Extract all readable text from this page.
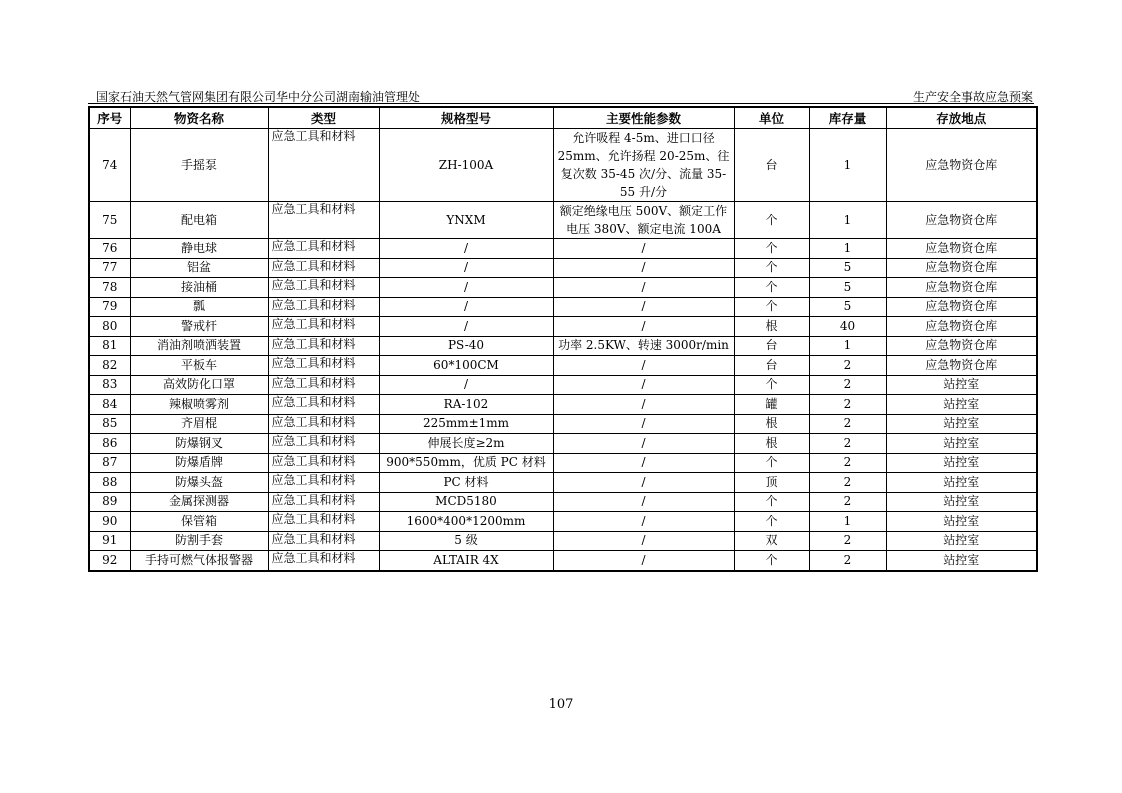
国家石油天然气管网集团有限公司华中分公司湖南输油管理处	生产安全事故应急预案
序号	物资名称	类型	规格型号	主要性能参数	单位	库存量	存放地点
74	手摇泵	应急工具和材料	ZH-100A	允许吸程 4-5m、进口口径 25mm、允许扬程 20-25m、往复次数 35-45 次/分、流量 35-55 升/分	台	1	应急物资仓库
75	配电箱	应急工具和材料	YNXM	额定绝缘电压 500V、额定工作电压 380V、额定电流 100A	个	1	应急物资仓库
76	静电球	应急工具和材料	/	/	个	1	应急物资仓库
77	铝盆	应急工具和材料	/	/	个	5	应急物资仓库
78	接油桶	应急工具和材料	/	/	个	5	应急物资仓库
79	瓢	应急工具和材料	/	/	个	5	应急物资仓库
80	警戒杆	应急工具和材料	/	/	根	40	应急物资仓库
81	消油剂喷洒装置	应急工具和材料	PS-40	功率 2.5KW、转速 3000r/min	台	1	应急物资仓库
82	平板车	应急工具和材料	60*100CM	/	台	2	应急物资仓库
83	高效防化口罩	应急工具和材料	/	/	个	2	站控室
84	辣椒喷雾剂	应急工具和材料	RA-102	/	罐	2	站控室
85	齐眉棍	应急工具和材料	225mm±1mm	/	根	2	站控室
86	防爆钢叉	应急工具和材料	伸展长度≥2m	/	根	2	站控室
87	防爆盾牌	应急工具和材料	900*550mm，优质 PC 材料	/	个	2	站控室
88	防爆头盔	应急工具和材料	PC 材料	/	顶	2	站控室
89	金属探测器	应急工具和材料	MCD5180	/	个	2	站控室
90	保管箱	应急工具和材料	1600*400*1200mm	/	个	1	站控室
91	防割手套	应急工具和材料	5 级	/	双	2	站控室
92	手持可燃气体报警器	应急工具和材料	ALTAIR 4X	/	个	2	站控室
107
